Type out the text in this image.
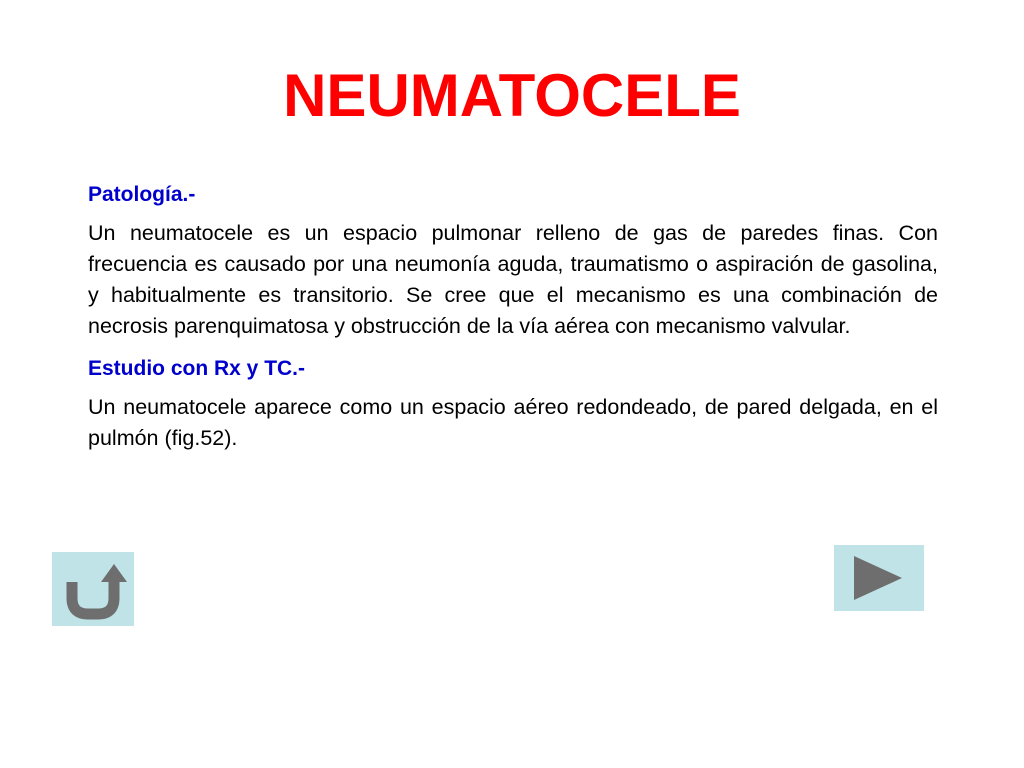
NEUMATOCELE

Patología.-

Un neumatocele es un espacio pulmonar relleno de gas de paredes finas. Con frecuencia es causado por una neumonía aguda, traumatismo o aspiración de gasolina, y habitualmente es transitorio. Se cree que el mecanismo es una combinación de necrosis parenquimatosa y obstrucción de la vía aérea con mecanismo valvular.

Estudio con Rx y TC.-

Un neumatocele aparece como un espacio aéreo redondeado, de pared delgada, en el pulmón (fig.52).
